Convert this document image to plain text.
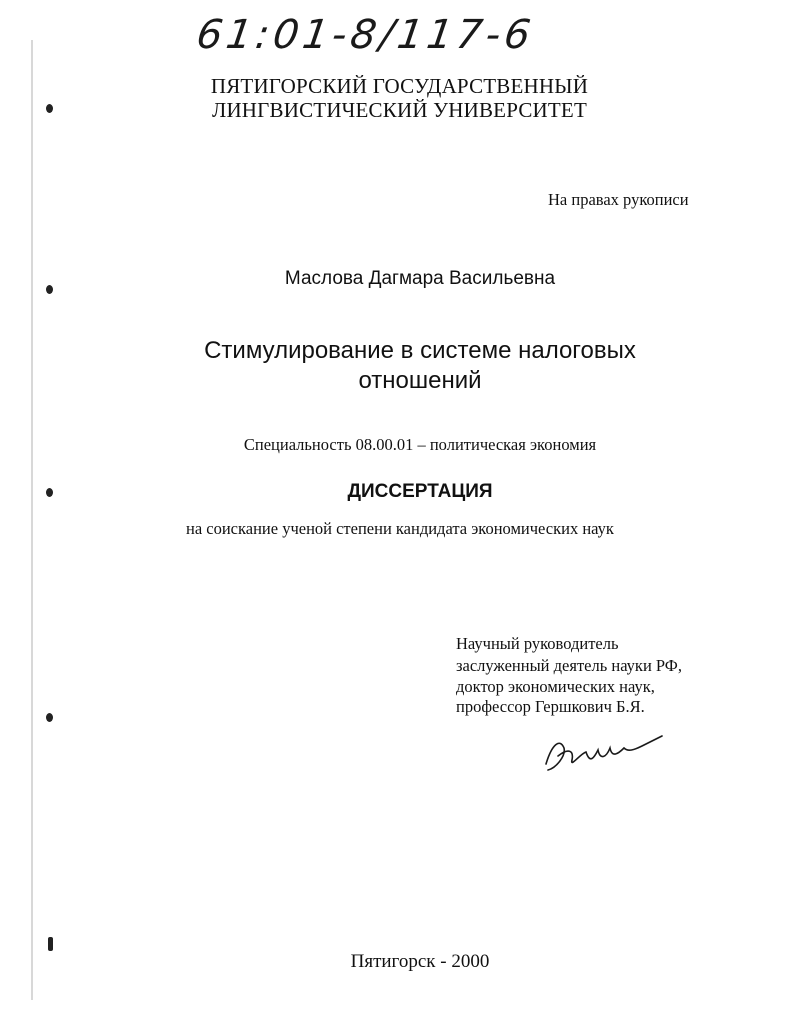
61:01-8/117-6
ПЯТИГОРСКИЙ ГОСУДАРСТВЕННЫЙ
ЛИНГВИСТИЧЕСКИЙ УНИВЕРСИТЕТ
На правах рукописи
Маслова Дагмара Васильевна
Стимулирование в системе налоговых
отношений
Специальность 08.00.01 – политическая экономия
ДИССЕРТАЦИЯ
на соискание ученой степени кандидата экономических наук
Научный руководитель
заслуженный деятель науки РФ,
доктор экономических наук,
профессор Гершкович Б.Я.
Пятигорск - 2000
